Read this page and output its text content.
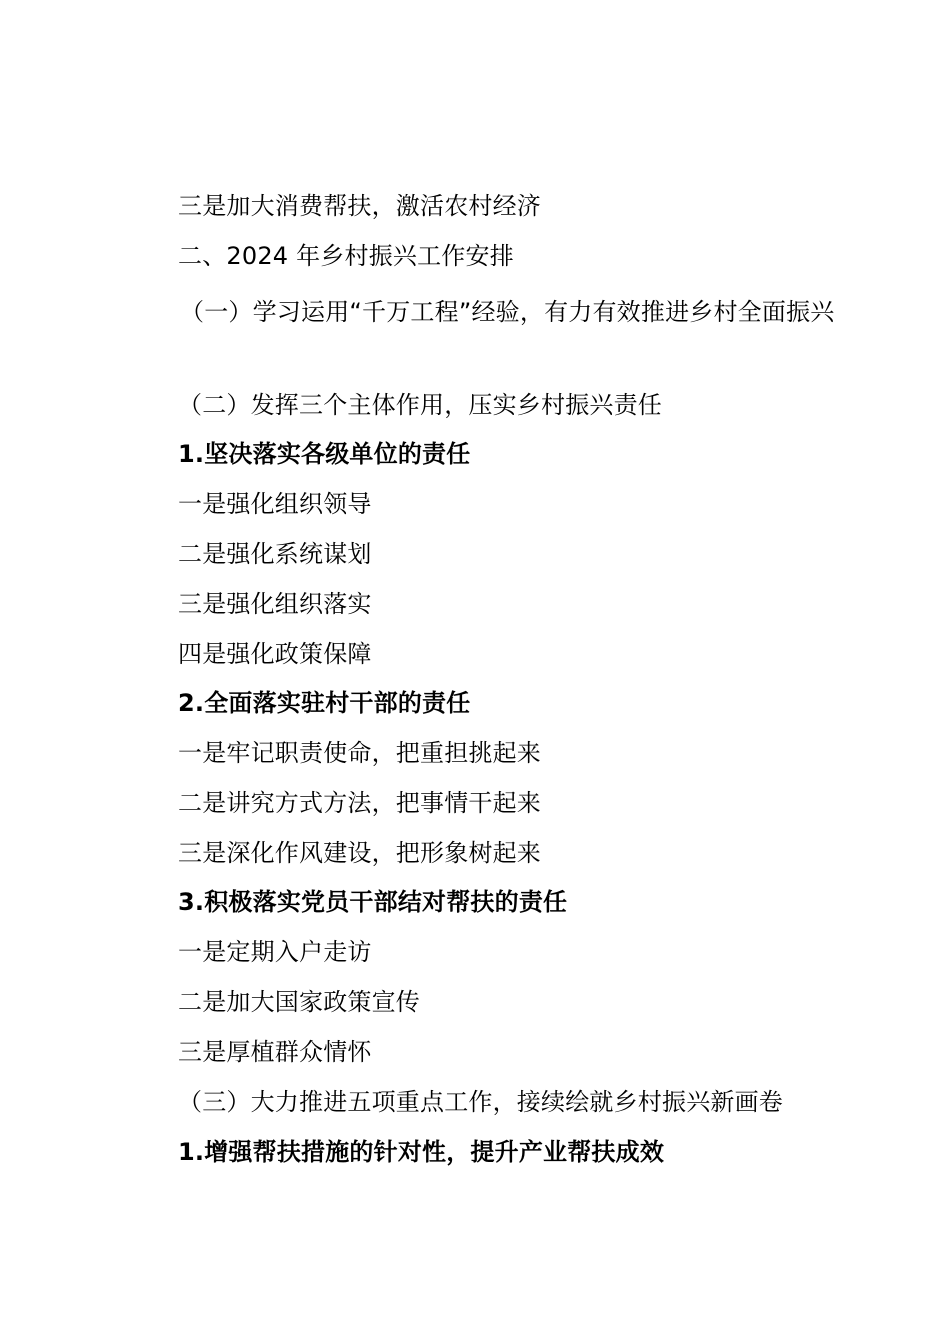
三是加大消费帮扶，激活农村经济
二、2024 年乡村振兴工作安排
（一）学习运用“千万工程”经验，有力有效推进乡村全面振兴
（二）发挥三个主体作用，压实乡村振兴责任
1.坚决落实各级单位的责任
一是强化组织领导
二是强化系统谋划
三是强化组织落实
四是强化政策保障
2.全面落实驻村干部的责任
一是牢记职责使命，把重担挑起来
二是讲究方式方法，把事情干起来
三是深化作风建设，把形象树起来
3.积极落实党员干部结对帮扶的责任
一是定期入户走访
二是加大国家政策宣传
三是厚植群众情怀
（三）大力推进五项重点工作，接续绘就乡村振兴新画卷
1.增强帮扶措施的针对性，提升产业帮扶成效
